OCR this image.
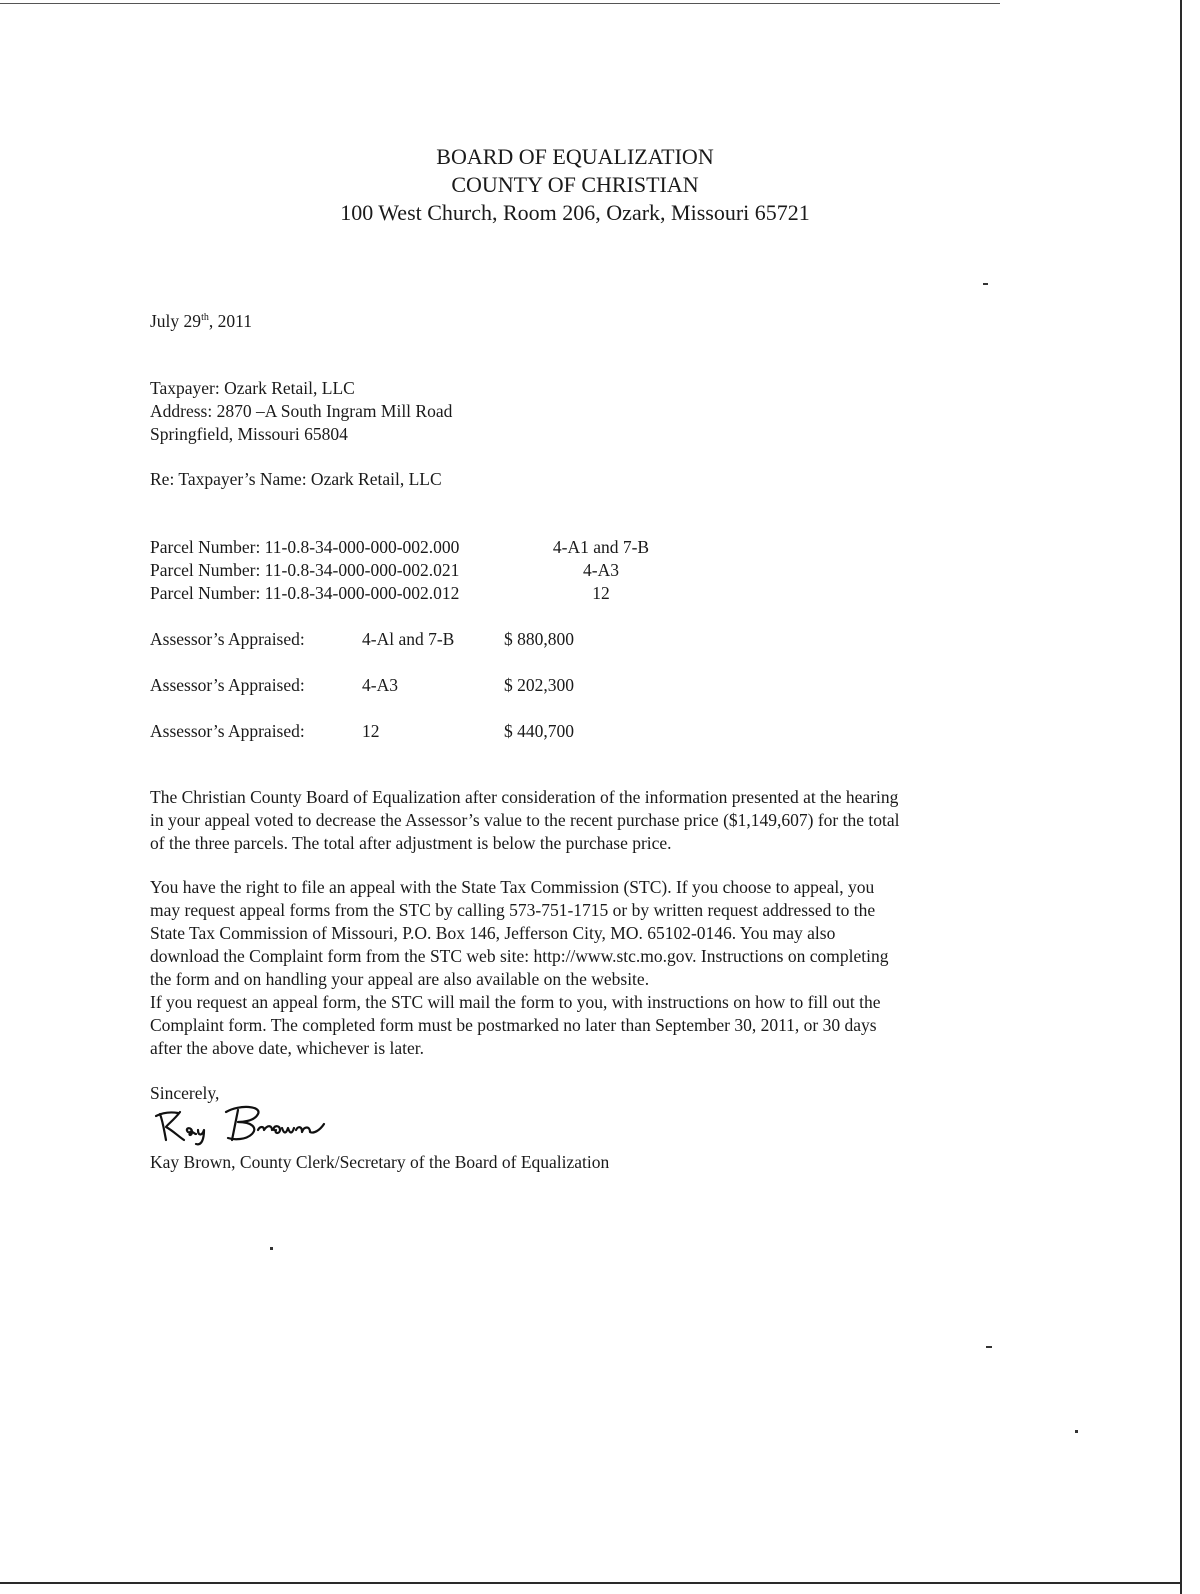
BOARD OF EQUALIZATION
COUNTY OF CHRISTIAN
100 West Church, Room 206, Ozark, Missouri 65721
July 29th, 2011
Taxpayer: Ozark Retail, LLC
Address: 2870 –A South Ingram Mill Road
Springfield, Missouri 65804
Re: Taxpayer’s Name: Ozark Retail, LLC
Parcel Number: 11-0.8-34-000-000-002.000	4-A1 and 7-B
Parcel Number: 11-0.8-34-000-000-002.021	4-A3
Parcel Number: 11-0.8-34-000-000-002.012	12
Assessor’s Appraised:	4-Al and 7-B	$ 880,800
Assessor’s Appraised:	4-A3	$ 202,300
Assessor’s Appraised:	12	$ 440,700
The Christian County Board of Equalization after consideration of the information presented at the hearing
in your appeal voted to decrease the Assessor’s value to the recent purchase price ($1,149,607) for the total
of the three parcels. The total after adjustment is below the purchase price.
You have the right to file an appeal with the State Tax Commission (STC). If you choose to appeal, you
may request appeal forms from the STC by calling 573-751-1715 or by written request addressed to the
State Tax Commission of Missouri, P.O. Box 146, Jefferson City, MO. 65102-0146. You may also
download the Complaint form from the STC web site: http://www.stc.mo.gov. Instructions on completing
the form and on handling your appeal are also available on the website.
If you request an appeal form, the STC will mail the form to you, with instructions on how to fill out the
Complaint form. The completed form must be postmarked no later than September 30, 2011, or 30 days
after the above date, whichever is later.
Sincerely,
Kay Brown, County Clerk/Secretary of the Board of Equalization
